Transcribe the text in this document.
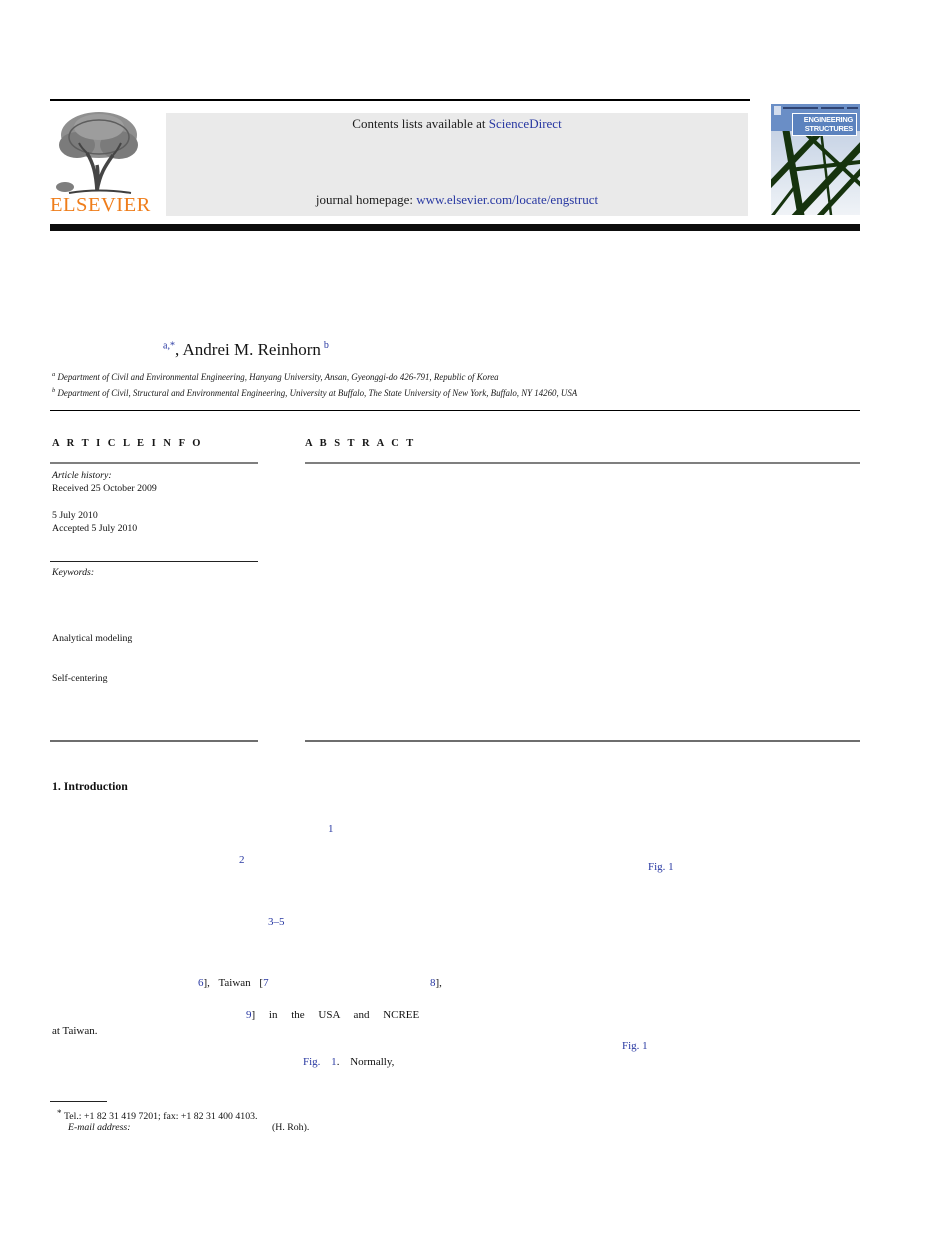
ELSEVIER
Contents lists available at ScienceDirect
journal homepage: www.elsevier.com/locate/engstruct
ENGINEERING
STRUCTURES
$^{a,*}$, Andrei M. Reinhorn $^b$
$^a$ Department of Civil and Environmental Engineering, Hanyang University, Ansan, Gyeonggi-do 426-791, Republic of Korea
$^b$ Department of Civil, Structural and Environmental Engineering, University at Buffalo, The State University of New York, Buffalo, NY 14260, USA
A R T I C L E I N F O
Article history:
Received 25 October 2009
5 July 2010
Accepted 5 July 2010
Keywords:
Analytical modeling
Self-centering
A B S T R A C T
1. Introduction
1
2
3–5
6], Taiwan [7	8],
9] in the USA and NCREE
at Taiwan.
Fig. 1. Normally,
Fig. 1
Fig. 1
* Tel.: +1 82 31 419 7201; fax: +1 82 31 400 4103.
E-mail address:	(H. Roh).
